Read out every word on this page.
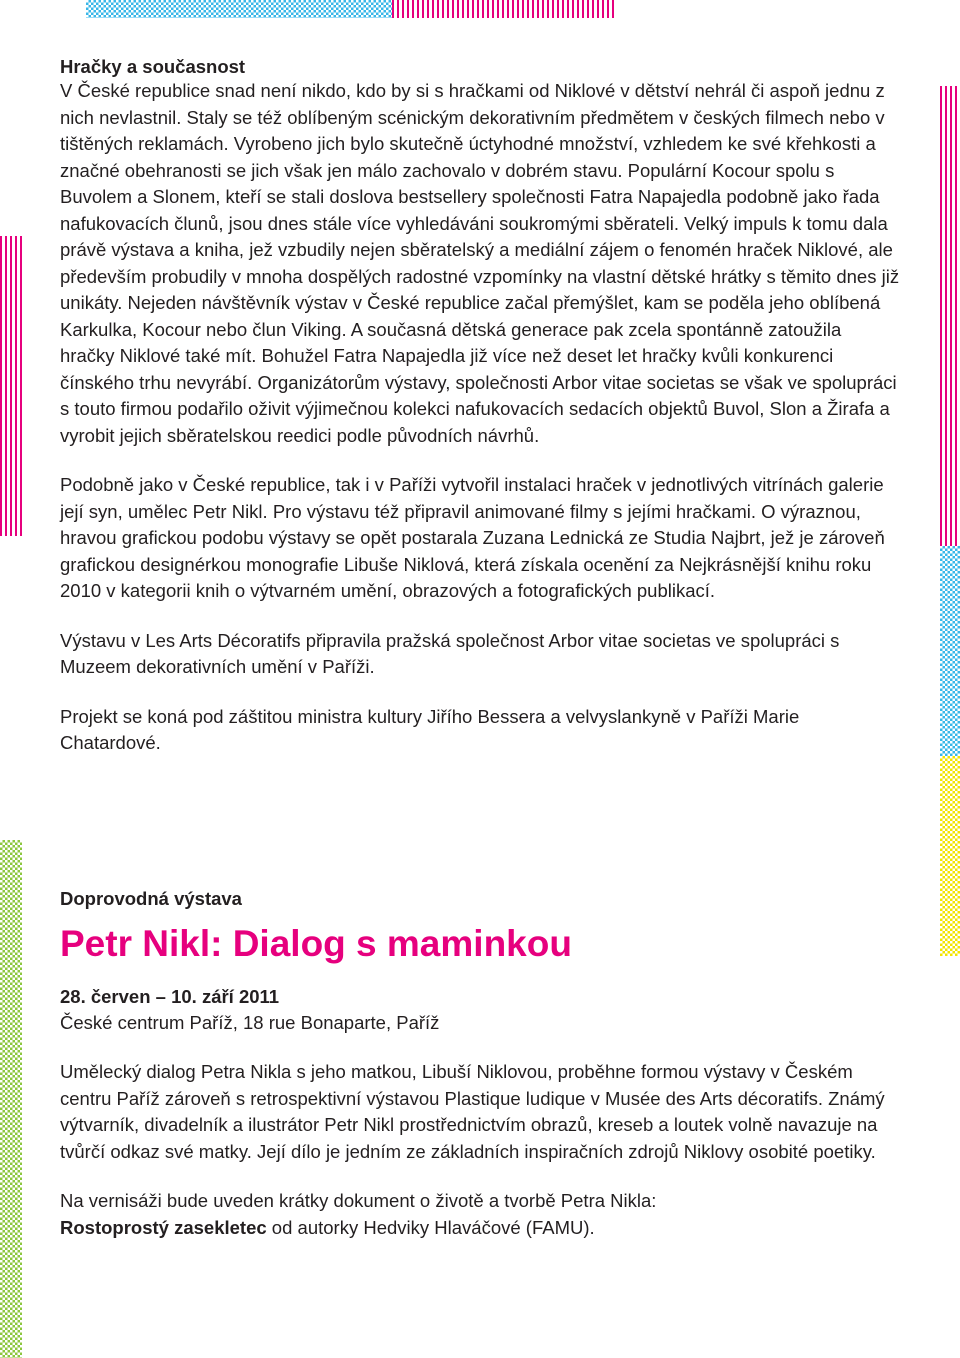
Hračky a současnost

V České republice snad není nikdo, kdo by si s hračkami od Niklové v dětství nehrál či aspoň jednu z nich nevlastnil. Staly se též oblíbeným scénickým dekorativním předmětem v českých filmech nebo v tištěných reklamách. Vyrobeno jich bylo skutečně úctyhodné množství, vzhledem ke své křehkosti a značné obehranosti se jich však jen málo zachovalo v dobrém stavu. Populární Kocour spolu s Buvolem a Slonem, kteří se stali doslova bestsellery společnosti Fatra Napajedla podobně jako řada nafukovacích člunů, jsou dnes stále více vyhledáváni soukromými sběrateli. Velký impuls k tomu dala právě výstava a kniha, jež vzbudily nejen sběratelský a mediální zájem o fenomén hraček Niklové, ale především probudily v mnoha dospělých radostné vzpomínky na vlastní dětské hrátky s těmito dnes již unikáty. Nejeden návštěvník výstav v České republice začal přemýšlet, kam se poděla jeho oblíbená Karkulka, Kocour nebo člun Viking. A současná dětská generace pak zcela spontánně zatoužila hračky Niklové také mít. Bohužel Fatra Napajedla již více než deset let hračky kvůli konkurenci čínského trhu nevyrábí. Organizátorům výstavy, společnosti Arbor vitae societas se však ve spolupráci s touto firmou podařilo oživit výjimečnou kolekci nafukovacích sedacích objektů Buvol, Slon a Žirafa a vyrobit jejich sběratelskou reedici podle původních návrhů.

Podobně jako v České republice, tak i v Paříži vytvořil instalaci hraček v jednotlivých vitrínách galerie její syn, umělec Petr Nikl. Pro výstavu též připravil animované filmy s jejími hračkami. O výraznou, hravou grafickou podobu výstavy se opět postarala Zuzana Lednická ze Studia Najbrt, jež je zároveň grafickou designérkou monografie Libuše Niklová, která získala ocenění za Nejkrásnější knihu roku 2010 v kategorii knih o výtvarném umění, obrazových a fotografických publikací.

Výstavu v Les Arts Décoratifs připravila pražská společnost Arbor vitae societas ve spolupráci s Muzeem dekorativních umění v Paříži.

Projekt se koná pod záštitou ministra kultury Jiřího Bessera a velvyslankyně v Paříži Marie Chatardové.

Doprovodná výstava
Petr Nikl: Dialog s maminkou
28. červen – 10. září 2011
České centrum Paříž, 18 rue Bonaparte, Paříž

Umělecký dialog Petra Nikla s jeho matkou, Libuší Niklovou, proběhne formou výstavy v Českém centru Paříž zároveň s retrospektivní výstavou Plastique ludique v Musée des Arts décoratifs. Známý výtvarník, divadelník a ilustrátor Petr Nikl prostřednictvím obrazů, kreseb a loutek volně navazuje na tvůrčí odkaz své matky. Její dílo je jedním ze základních inspiračních zdrojů Niklovy osobité poetiky.

Na vernisáži bude uveden krátky dokument o životě a tvorbě Petra Nikla:
Rostoprostý zasekletec od autorky Hedviky Hlaváčové (FAMU).
